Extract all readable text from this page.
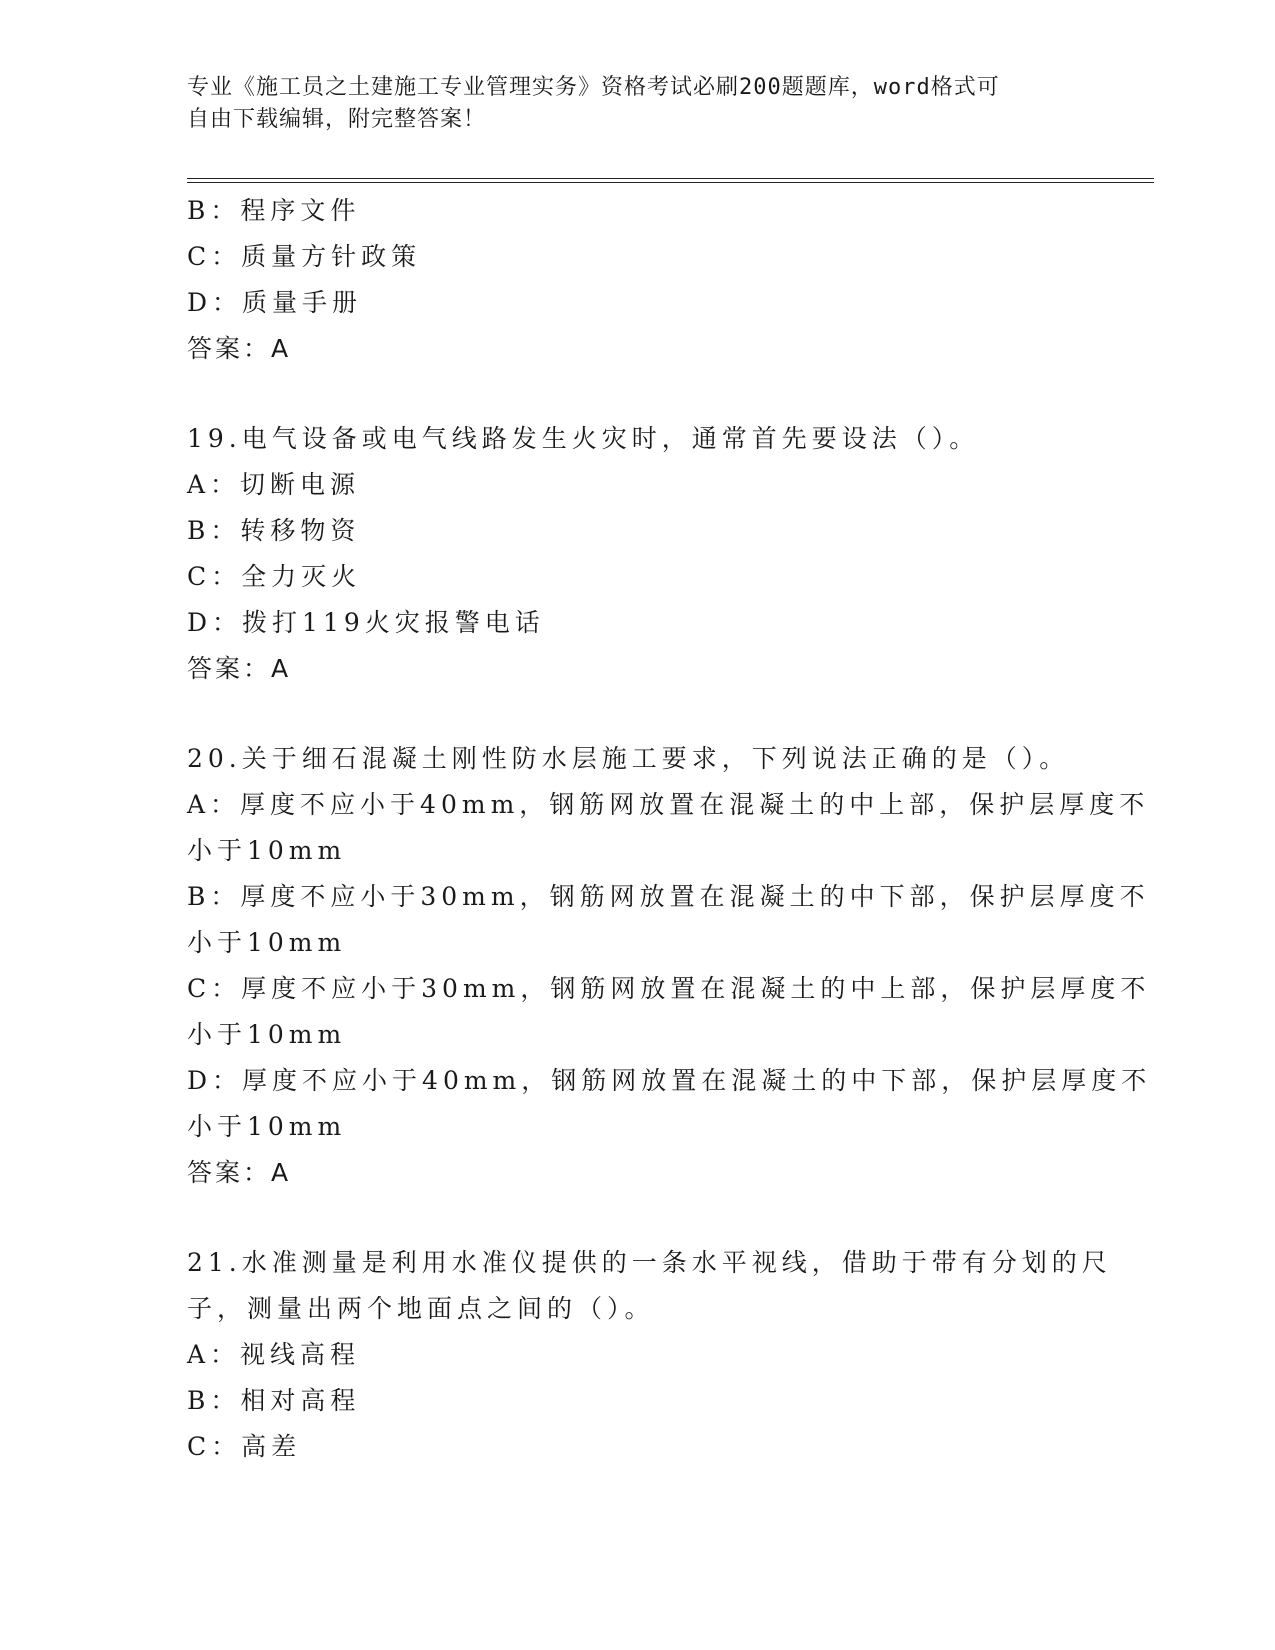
专业《施工员之土建施工专业管理实务》资格考试必刷200题题库，word格式可
自由下载编辑，附完整答案！
B：程序文件
C：质量方针政策
D：质量手册
答案：A
19.电气设备或电气线路发生火灾时，通常首先要设法（）。
A：切断电源
B：转移物资
C：全力灭火
D：拨打119火灾报警电话
答案：A
20.关于细石混凝土刚性防水层施工要求，下列说法正确的是（）。
A：厚度不应小于40mm，钢筋网放置在混凝土的中上部，保护层厚度不
小于10mm
B：厚度不应小于30mm，钢筋网放置在混凝土的中下部，保护层厚度不
小于10mm
C：厚度不应小于30mm，钢筋网放置在混凝土的中上部，保护层厚度不
小于10mm
D：厚度不应小于40mm，钢筋网放置在混凝土的中下部，保护层厚度不
小于10mm
答案：A
21.水准测量是利用水准仪提供的一条水平视线，借助于带有分划的尺
子，测量出两个地面点之间的（）。
A：视线高程
B：相对高程
C：高差
